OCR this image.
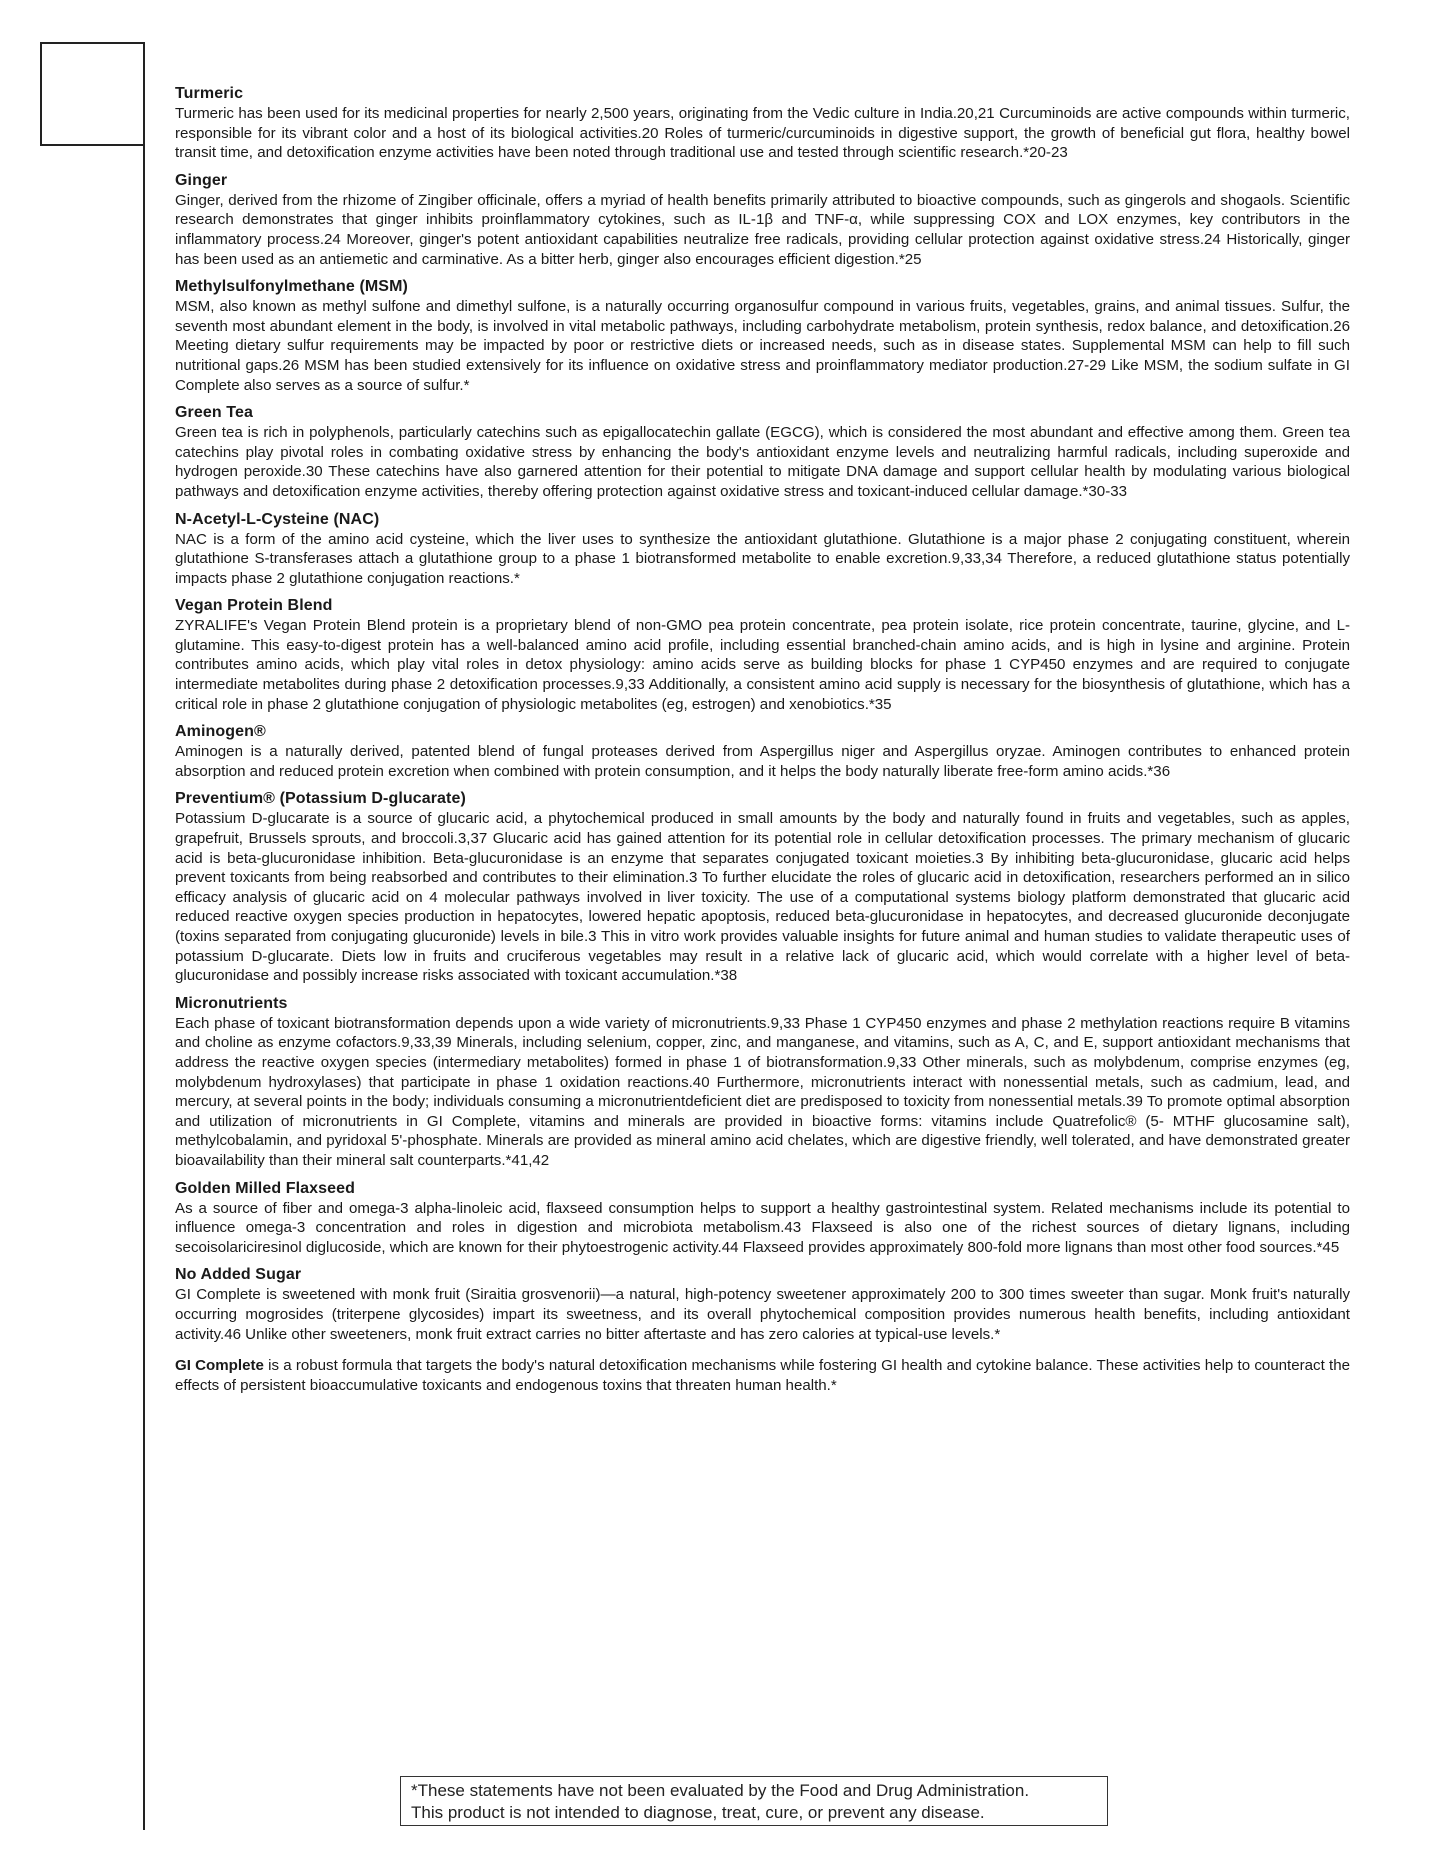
Turmeric

Turmeric has been used for its medicinal properties for nearly 2,500 years, originating from the Vedic culture in India.20,21 Curcuminoids are active compounds within turmeric, responsible for its vibrant color and a host of its biological activities.20 Roles of turmeric/curcuminoids in digestive support, the growth of beneficial gut flora, healthy bowel transit time, and detoxification enzyme activities have been noted through traditional use and tested through scientific research.*20-23

Ginger

Ginger, derived from the rhizome of Zingiber officinale, offers a myriad of health benefits primarily attributed to bioactive compounds, such as gingerols and shogaols. Scientific research demonstrates that ginger inhibits proinflammatory cytokines, such as IL-1β and TNF-α, while suppressing COX and LOX enzymes, key contributors in the inflammatory process.24 Moreover, ginger's potent antioxidant capabilities neutralize free radicals, providing cellular protection against oxidative stress.24 Historically, ginger has been used as an antiemetic and carminative. As a bitter herb, ginger also encourages efficient digestion.*25

Methylsulfonylmethane (MSM)

MSM, also known as methyl sulfone and dimethyl sulfone, is a naturally occurring organosulfur compound in various fruits, vegetables, grains, and animal tissues. Sulfur, the seventh most abundant element in the body, is involved in vital metabolic pathways, including carbohydrate metabolism, protein synthesis, redox balance, and detoxification.26 Meeting dietary sulfur requirements may be impacted by poor or restrictive diets or increased needs, such as in disease states. Supplemental MSM can help to fill such nutritional gaps.26 MSM has been studied extensively for its influence on oxidative stress and proinflammatory mediator production.27-29 Like MSM, the sodium sulfate in GI Complete also serves as a source of sulfur.*

Green Tea

Green tea is rich in polyphenols, particularly catechins such as epigallocatechin gallate (EGCG), which is considered the most abundant and effective among them. Green tea catechins play pivotal roles in combating oxidative stress by enhancing the body's antioxidant enzyme levels and neutralizing harmful radicals, including superoxide and hydrogen peroxide.30 These catechins have also garnered attention for their potential to mitigate DNA damage and support cellular health by modulating various biological pathways and detoxification enzyme activities, thereby offering protection against oxidative stress and toxicant-induced cellular damage.*30-33

N-Acetyl-L-Cysteine (NAC)

NAC is a form of the amino acid cysteine, which the liver uses to synthesize the antioxidant glutathione. Glutathione is a major phase 2 conjugating constituent, wherein glutathione S-transferases attach a glutathione group to a phase 1 biotransformed metabolite to enable excretion.9,33,34 Therefore, a reduced glutathione status potentially impacts phase 2 glutathione conjugation reactions.*

Vegan Protein Blend

ZYRALIFE's Vegan Protein Blend protein is a proprietary blend of non-GMO pea protein concentrate, pea protein isolate, rice protein concentrate, taurine, glycine, and L-glutamine. This easy-to-digest protein has a well-balanced amino acid profile, including essential branched-chain amino acids, and is high in lysine and arginine. Protein contributes amino acids, which play vital roles in detox physiology: amino acids serve as building blocks for phase 1 CYP450 enzymes and are required to conjugate intermediate metabolites during phase 2 detoxification processes.9,33 Additionally, a consistent amino acid supply is necessary for the biosynthesis of glutathione, which has a critical role in phase 2 glutathione conjugation of physiologic metabolites (eg, estrogen) and xenobiotics.*35

Aminogen®

Aminogen is a naturally derived, patented blend of fungal proteases derived from Aspergillus niger and Aspergillus oryzae. Aminogen contributes to enhanced protein absorption and reduced protein excretion when combined with protein consumption, and it helps the body naturally liberate free-form amino acids.*36

Preventium® (Potassium D-glucarate)

Potassium D-glucarate is a source of glucaric acid, a phytochemical produced in small amounts by the body and naturally found in fruits and vegetables, such as apples, grapefruit, Brussels sprouts, and broccoli.3,37 Glucaric acid has gained attention for its potential role in cellular detoxification processes. The primary mechanism of glucaric acid is beta-glucuronidase inhibition. Beta-glucuronidase is an enzyme that separates conjugated toxicant moieties.3 By inhibiting beta-glucuronidase, glucaric acid helps prevent toxicants from being reabsorbed and contributes to their elimination.3 To further elucidate the roles of glucaric acid in detoxification, researchers performed an in silico efficacy analysis of glucaric acid on 4 molecular pathways involved in liver toxicity. The use of a computational systems biology platform demonstrated that glucaric acid reduced reactive oxygen species production in hepatocytes, lowered hepatic apoptosis, reduced beta-glucuronidase in hepatocytes, and decreased glucuronide deconjugate (toxins separated from conjugating glucuronide) levels in bile.3 This in vitro work provides valuable insights for future animal and human studies to validate therapeutic uses of potassium D-glucarate. Diets low in fruits and cruciferous vegetables may result in a relative lack of glucaric acid, which would correlate with a higher level of beta-glucuronidase and possibly increase risks associated with toxicant accumulation.*38

Micronutrients

Each phase of toxicant biotransformation depends upon a wide variety of micronutrients.9,33 Phase 1 CYP450 enzymes and phase 2 methylation reactions require B vitamins and choline as enzyme cofactors.9,33,39 Minerals, including selenium, copper, zinc, and manganese, and vitamins, such as A, C, and E, support antioxidant mechanisms that address the reactive oxygen species (intermediary metabolites) formed in phase 1 of biotransformation.9,33 Other minerals, such as molybdenum, comprise enzymes (eg, molybdenum hydroxylases) that participate in phase 1 oxidation reactions.40 Furthermore, micronutrients interact with nonessential metals, such as cadmium, lead, and mercury, at several points in the body; individuals consuming a micronutrientdeficient diet are predisposed to toxicity from nonessential metals.39 To promote optimal absorption and utilization of micronutrients in GI Complete, vitamins and minerals are provided in bioactive forms: vitamins include Quatrefolic® (5- MTHF glucosamine salt), methylcobalamin, and pyridoxal 5'-phosphate. Minerals are provided as mineral amino acid chelates, which are digestive friendly, well tolerated, and have demonstrated greater bioavailability than their mineral salt counterparts.*41,42

Golden Milled Flaxseed

As a source of fiber and omega-3 alpha-linoleic acid, flaxseed consumption helps to support a healthy gastrointestinal system. Related mechanisms include its potential to influence omega-3 concentration and roles in digestion and microbiota metabolism.43 Flaxseed is also one of the richest sources of dietary lignans, including secoisolariciresinol diglucoside, which are known for their phytoestrogenic activity.44 Flaxseed provides approximately 800-fold more lignans than most other food sources.*45

No Added Sugar

GI Complete is sweetened with monk fruit (Siraitia grosvenorii)—a natural, high-potency sweetener approximately 200 to 300 times sweeter than sugar. Monk fruit's naturally occurring mogrosides (triterpene glycosides) impart its sweetness, and its overall phytochemical composition provides numerous health benefits, including antioxidant activity.46 Unlike other sweeteners, monk fruit extract carries no bitter aftertaste and has zero calories at typical-use levels.*

GI Complete is a robust formula that targets the body's natural detoxification mechanisms while fostering GI health and cytokine balance. These activities help to counteract the effects of persistent bioaccumulative toxicants and endogenous toxins that threaten human health.*

*These statements have not been evaluated by the Food and Drug Administration.
This product is not intended to diagnose, treat, cure, or prevent any disease.
